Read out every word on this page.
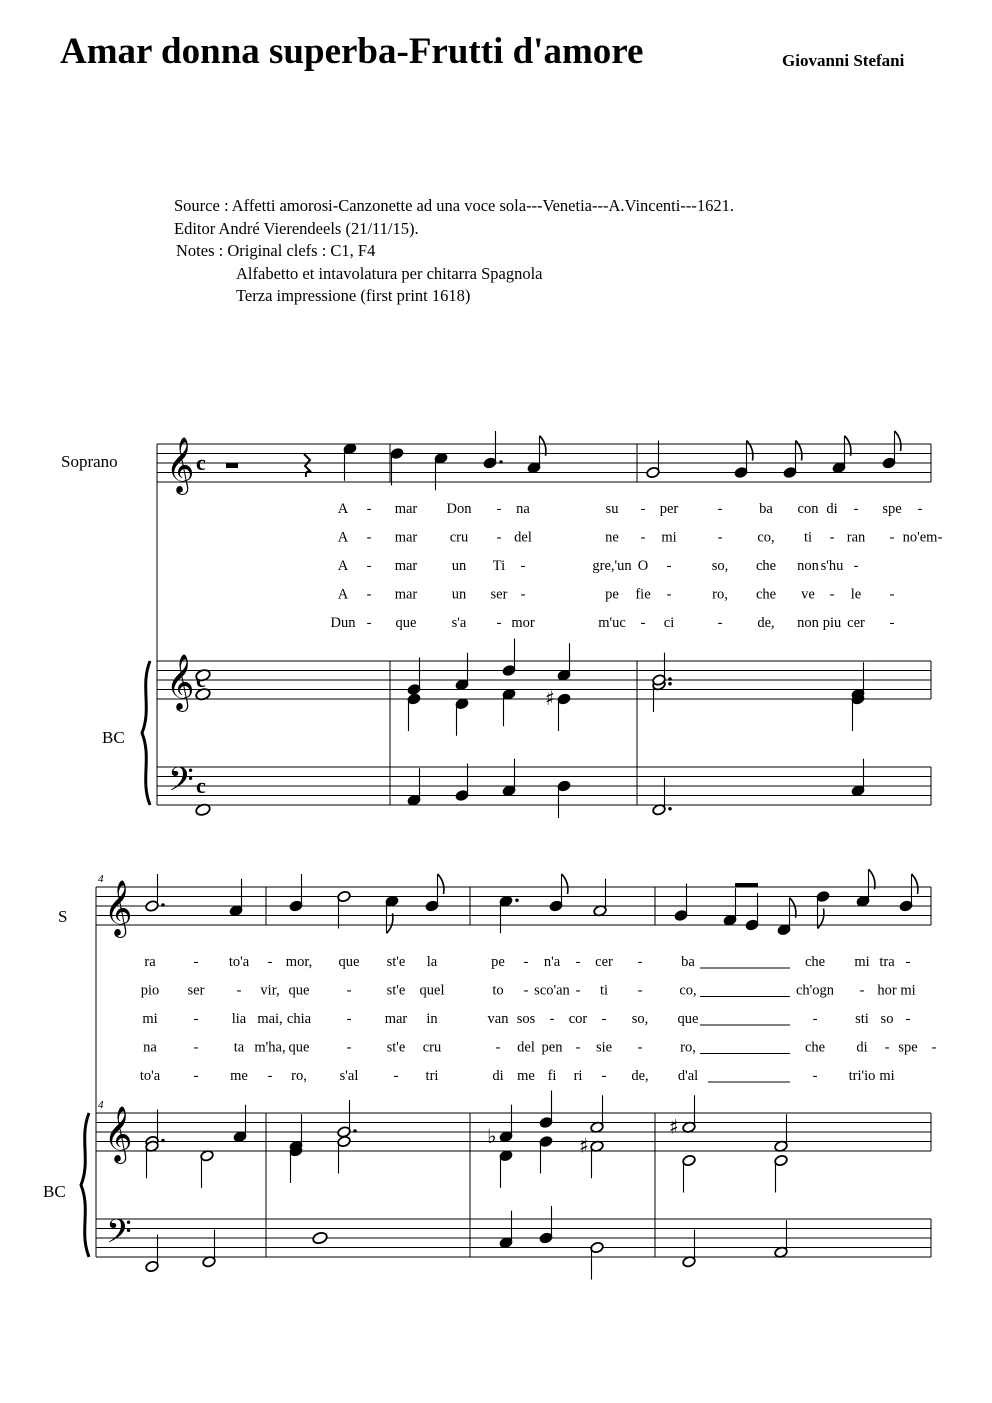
Amar donna superba-Frutti d'amore	Giovanni Stefani
Source : Affetti amorosi-Canzonette ad una voce sola---Venetia---A.Vincenti---1621.
Editor André Vierendeels (21/11/15).
Notes : Original clefs : C1, F4
Alfabetto et intavolatura per chitarra Spagnola
Terza impressione (first print 1618)
𝄞
𝄞
𝄢
c
c
♯
𝄞
𝄞
𝄢
♭	♯
♯
Soprano
BC
S
BC
4
4
A - mar Don - na	su - per	-	ba con di - spe -
A - mar cru - del	ne - mi	- co, ti - ran - no'em -
A - mar un Ti -	gre,'un O -	so, che non s'hu -
A - mar un ser -	pe fie -	ro, che ve - le -
Dun - que s'a - mor	m'uc - ci	- de, non piu cer -
ra	- to'a - mor, que st'e la	pe - n'a - cer -	ba	che mi tra -
pio ser - vir, que	- st'e quel	to - sco'an - ti -	co,	ch'ogn - hor mi
mi - lia mai, chia - mar in	van sos - cor - so, que	-	sti so -
na	- ta m'ha, que	- st'e cru	- del pen - sie -	ro,	che di - spe -
to'a - me - ro, s'al - tri	di me fi ri - de, d'al	- tri'io mi
